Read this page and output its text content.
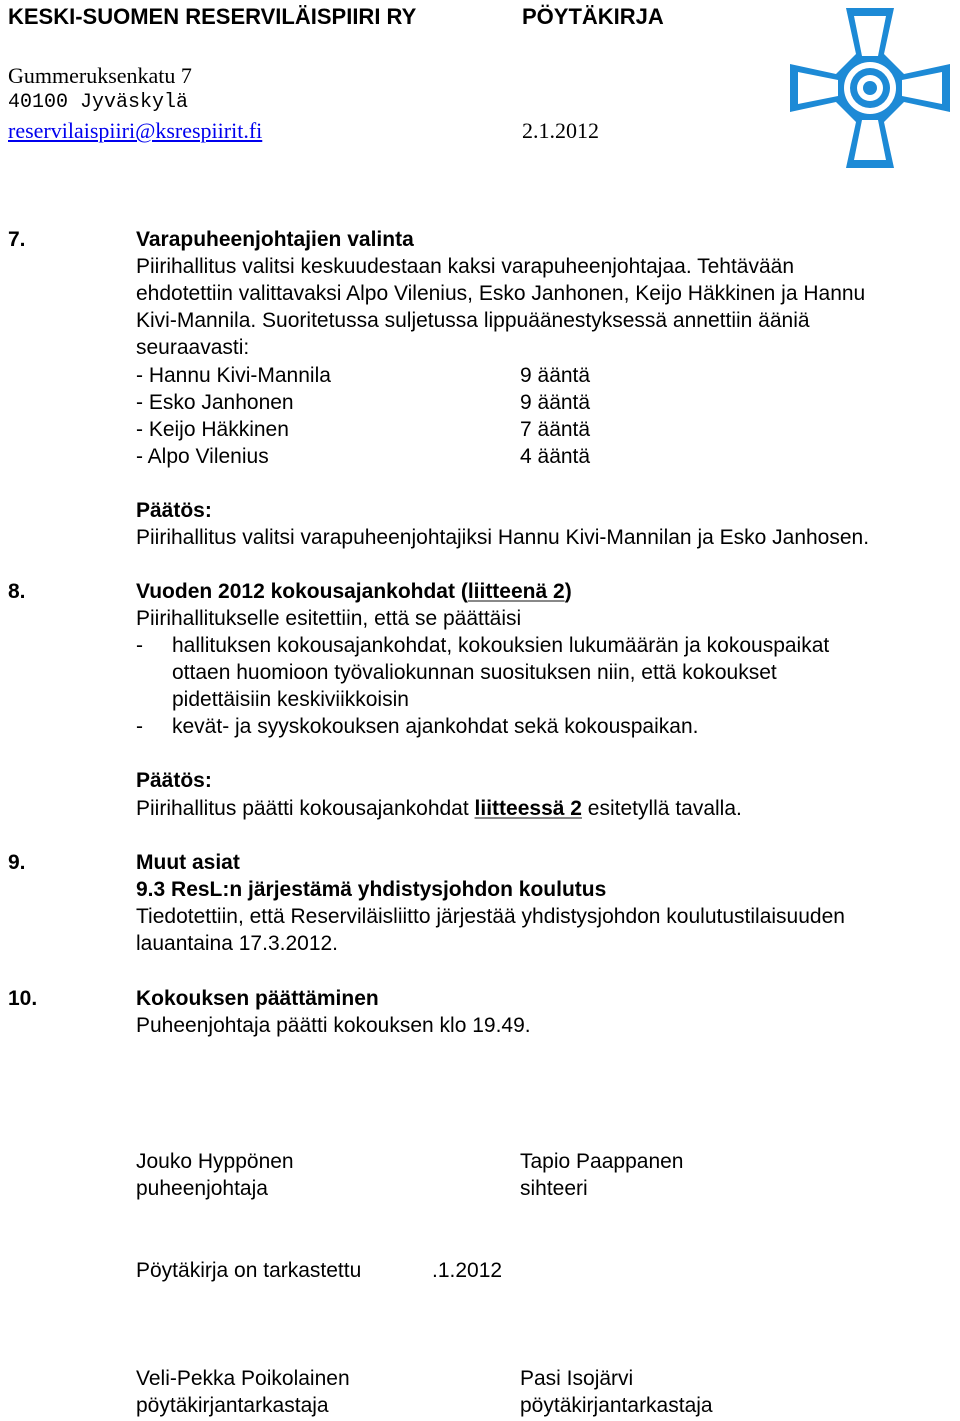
KESKI-SUOMEN RESERVILÄISPIIRI RY	PÖYTÄKIRJA
Gummeruksenkatu 7
40100 Jyväskylä
reservilaispiiri@ksrespiirit.fi	2.1.2012
7.	Varapuheenjohtajien valinta
Piirihallitus valitsi keskuudestaan kaksi varapuheenjohtajaa. Tehtävään
ehdotettiin valittavaksi Alpo Vilenius, Esko Janhonen, Keijo Häkkinen ja Hannu
Kivi-Mannila. Suoritetussa suljetussa lippuäänestyksessä annettiin ääniä
seuraavasti:
- Hannu Kivi-Mannila	9 ääntä
- Esko Janhonen	9 ääntä
- Keijo Häkkinen	7 ääntä
- Alpo Vilenius	4 ääntä
Päätös:
Piirihallitus valitsi varapuheenjohtajiksi Hannu Kivi-Mannilan ja Esko Janhosen.
8.	Vuoden 2012 kokousajankohdat (liitteenä 2)
Piirihallitukselle esitettiin, että se päättäisi
- hallituksen kokousajankohdat, kokouksien lukumäärän ja kokouspaikat
ottaen huomioon työvaliokunnan suosituksen niin, että kokoukset
pidettäisiin keskiviikkoisin
- kevät- ja syyskokouksen ajankohdat sekä kokouspaikan.
Päätös:
Piirihallitus päätti kokousajankohdat liitteessä 2 esitetyllä tavalla.
9.	Muut asiat
9.3 ResL:n järjestämä yhdistysjohdon koulutus
Tiedotettiin, että Reserviläisliitto järjestää yhdistysjohdon koulutustilaisuuden
lauantaina 17.3.2012.
10.	Kokouksen päättäminen
Puheenjohtaja päätti kokouksen klo 19.49.
Jouko Hyppönen
puheenjohtaja
Tapio Paappanen
sihteeri
Pöytäkirja on tarkastettu	.1.2012
Veli-Pekka Poikolainen
pöytäkirjantarkastaja
Pasi Isojärvi
pöytäkirjantarkastaja
